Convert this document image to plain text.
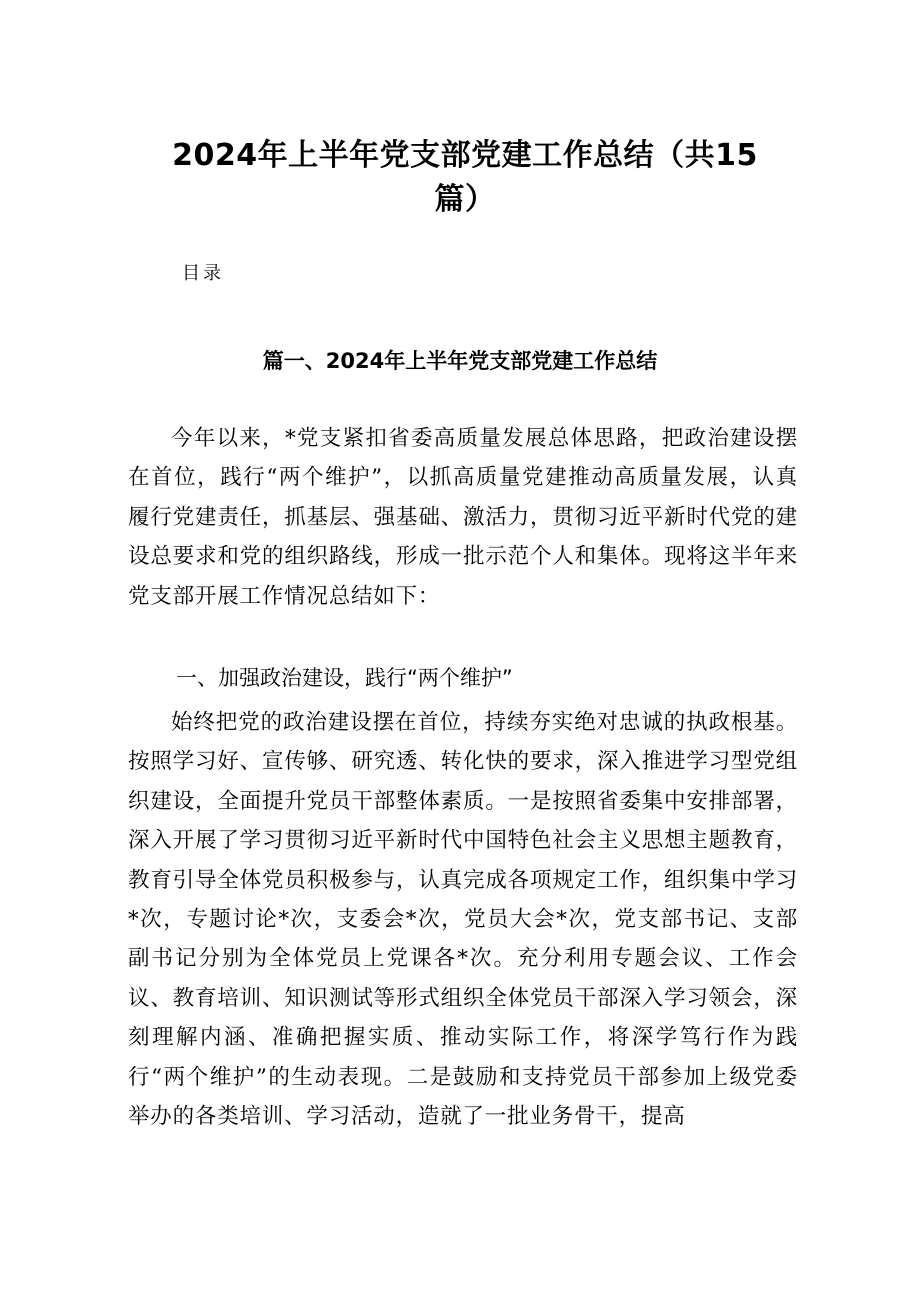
2024年上半年党支部党建工作总结（共15篇）
目录
篇一、2024年上半年党支部党建工作总结

今年以来，*党支紧扣省委高质量发展总体思路，把政治建设摆在首位，践行“两个维护”，以抓高质量党建推动高质量发展，认真履行党建责任，抓基层、强基础、激活力，贯彻习近平新时代党的建设总要求和党的组织路线，形成一批示范个人和集体。现将这半年来党支部开展工作情况总结如下：

一、加强政治建设，践行“两个维护”

始终把党的政治建设摆在首位，持续夯实绝对忠诚的执政根基。按照学习好、宣传够、研究透、转化快的要求，深入推进学习型党组织建设，全面提升党员干部整体素质。一是按照省委集中安排部署，深入开展了学习贯彻习近平新时代中国特色社会主义思想主题教育，教育引导全体党员积极参与，认真完成各项规定工作，组织集中学习*次，专题讨论*次，支委会*次，党员大会*次，党支部书记、支部副书记分别为全体党员上党课各*次。充分利用专题会议、工作会议、教育培训、知识测试等形式组织全体党员干部深入学习领会，深刻理解内涵、准确把握实质、推动实际工作，将深学笃行作为践行“两个维护”的生动表现。二是鼓励和支持党员干部参加上级党委举办的各类培训、学习活动，造就了一批业务骨干，提高
